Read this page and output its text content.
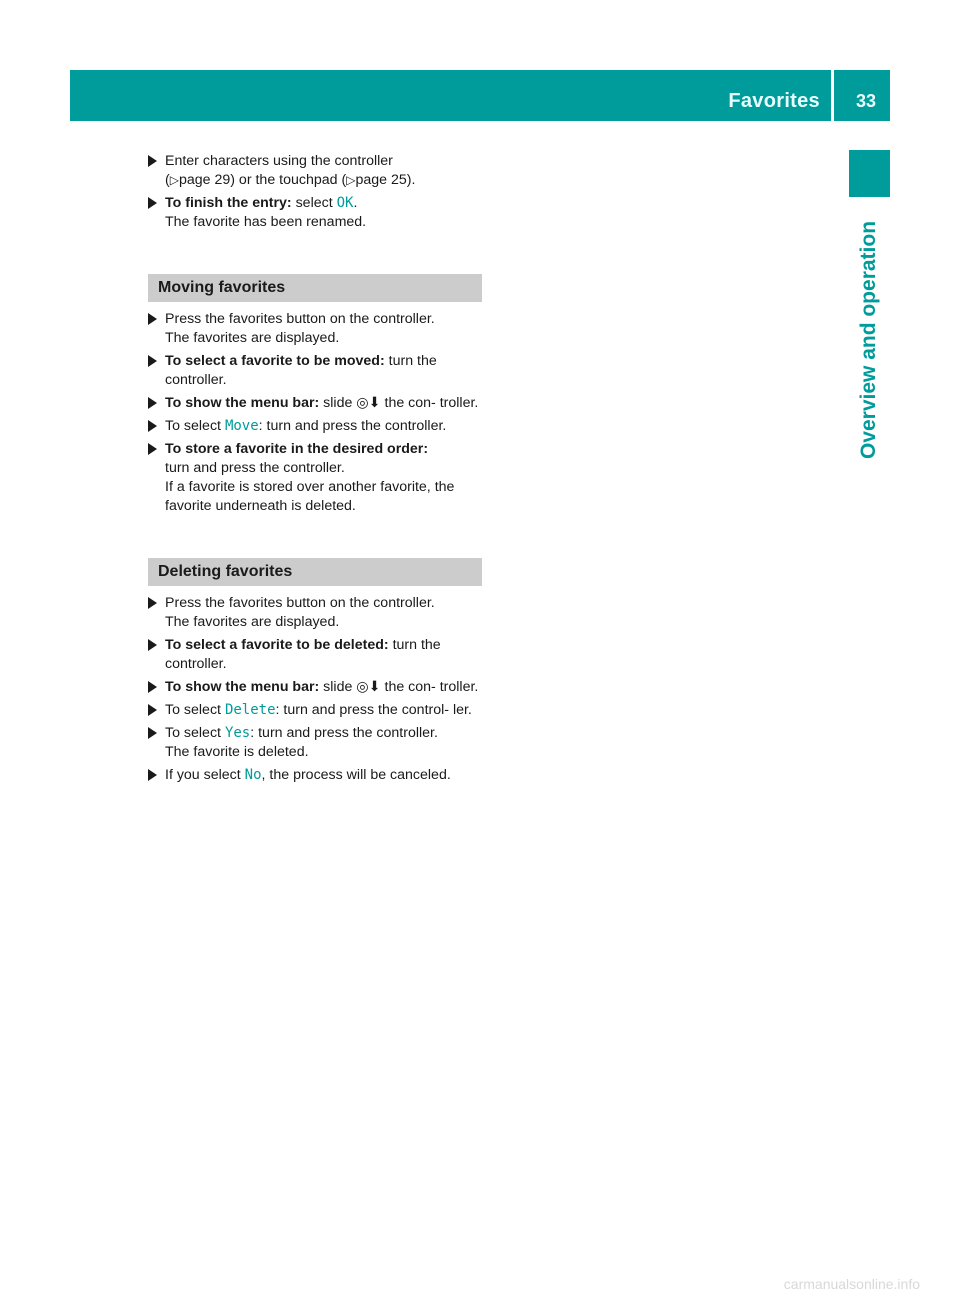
Favorites 33
Overview and operation
Enter characters using the controller
(▷page 29) or the touchpad (▷page 25).
To finish the entry: select OK.
The favorite has been renamed.
Moving favorites
Press the favorites button on the controller.
The favorites are displayed.
To select a favorite to be moved: turn the controller.
To show the menu bar: slide ◎⬇ the con- troller.
To select Move: turn and press the controller.
To store a favorite in the desired order:
turn and press the controller.
If a favorite is stored over another favorite, the favorite underneath is deleted.
Deleting favorites
Press the favorites button on the controller.
The favorites are displayed.
To select a favorite to be deleted: turn the controller.
To show the menu bar: slide ◎⬇ the con- troller.
To select Delete: turn and press the control- ler.
To select Yes: turn and press the controller.
The favorite is deleted.
If you select No, the process will be canceled.
carmanualsonline.info
